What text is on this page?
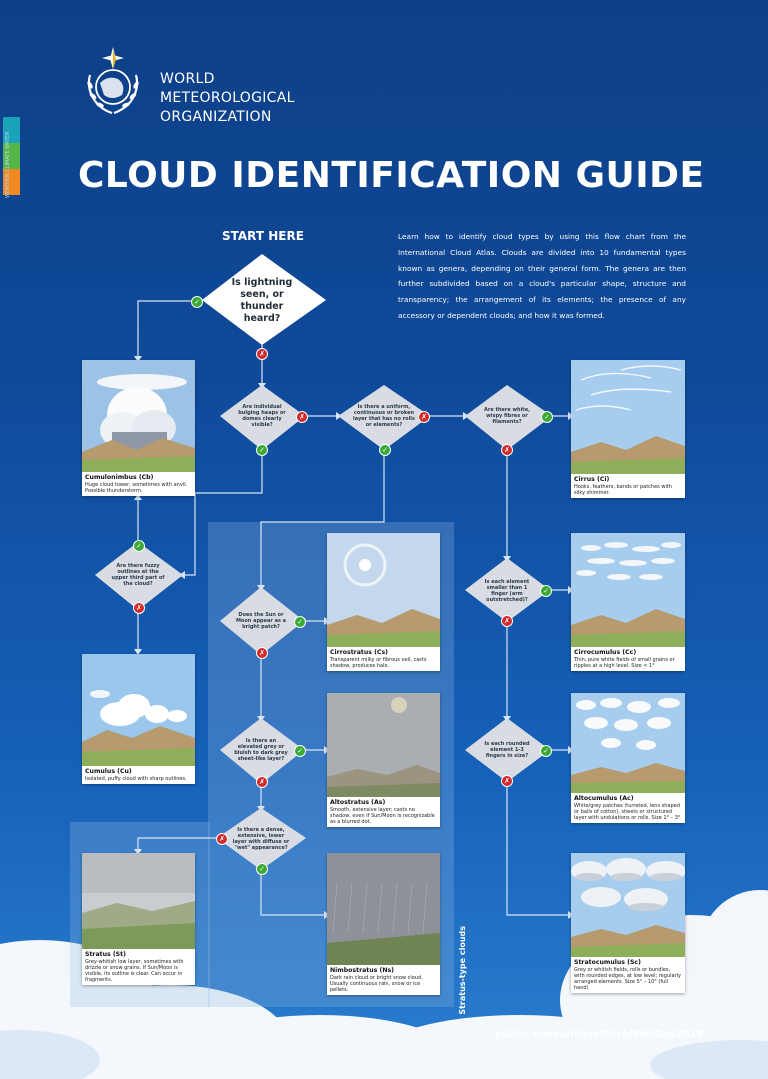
WEATHER CLIMATE WATER
WORLD
METEOROLOGICAL
ORGANIZATION
CLOUD IDENTIFICATION GUIDE
START HERE	Learn how to identify cloud types by using this flow chart from the International Cloud Atlas. Clouds are divided into 10 fundamental types known as genera, depending on their general form. The genera are then further subdivided based on a cloud's particular shape, structure and transparency; the arrangement of its elements; the presence of any accessory or dependent clouds; and how it was formed.
Stratus-type clouds
Is lightning seen, or thunder heard?
Are individual bulging heaps or domes clearly visible?
Is there a uniform, continuous or broken layer that has no rolls or elements?
Are there white, wispy fibres or filaments?
Are there fuzzy outlines at the upper third part of the cloud?
Does the Sun or Moon appear as a bright patch?
Is there an elevated grey or bluish to dark grey sheet-like layer?
Is there a dense, extensive, lower layer with diffuse or "wet" appearance?
Is each element smaller than 1 finger (arm outstretched)?
Is each rounded element 1-3 fingers in size?
✓
✗
✗
✓
✗
✓
✓
✗
✓
✗
✓
✗
✓
✗
✗
✓
✓
✗
✓
✗
Cumulonimbus (Cb)
Huge cloud tower, sometimes with anvil. Possible thunderstorm.
Cumulus (Cu)
Isolated, puffy cloud with sharp outlines.
Stratus (St)
Grey-whitish low layer, sometimes with drizzle or snow grains. If Sun/Moon is visible, its outline is clear. Can occur in fragments.
Cirrostratus (Cs)
Transparent milky or fibrous veil, casts shadow, produces halo.
Altostratus (As)
Smooth, extensive layer; casts no shadow, even if Sun/Moon is recognizable as a blurred dot.
Nimbostratus (Ns)
Dark rain cloud or bright snow cloud. Usually continuous rain, snow or ice pellets.
Cirrus (Ci)
Hooks, feathers, bands or patches with silky shimmer.
Cirrocumulus (Cc)
Thin, pure white fields of small grains or ripples at a high level. Size < 1°
Altocumulus (Ac)
White/grey patches (turreted, lens shaped or balls of cotton), sheets or structured layer with undulations or rolls. Size 1° – 3°
Stratocumulus (Sc)
Grey or whitish fields, rolls or bundles, with rounded edges, at low level; regularly arranged elements. Size 5° – 10° (full hand)
public.wmo.int/en/WorldMetDay2017
